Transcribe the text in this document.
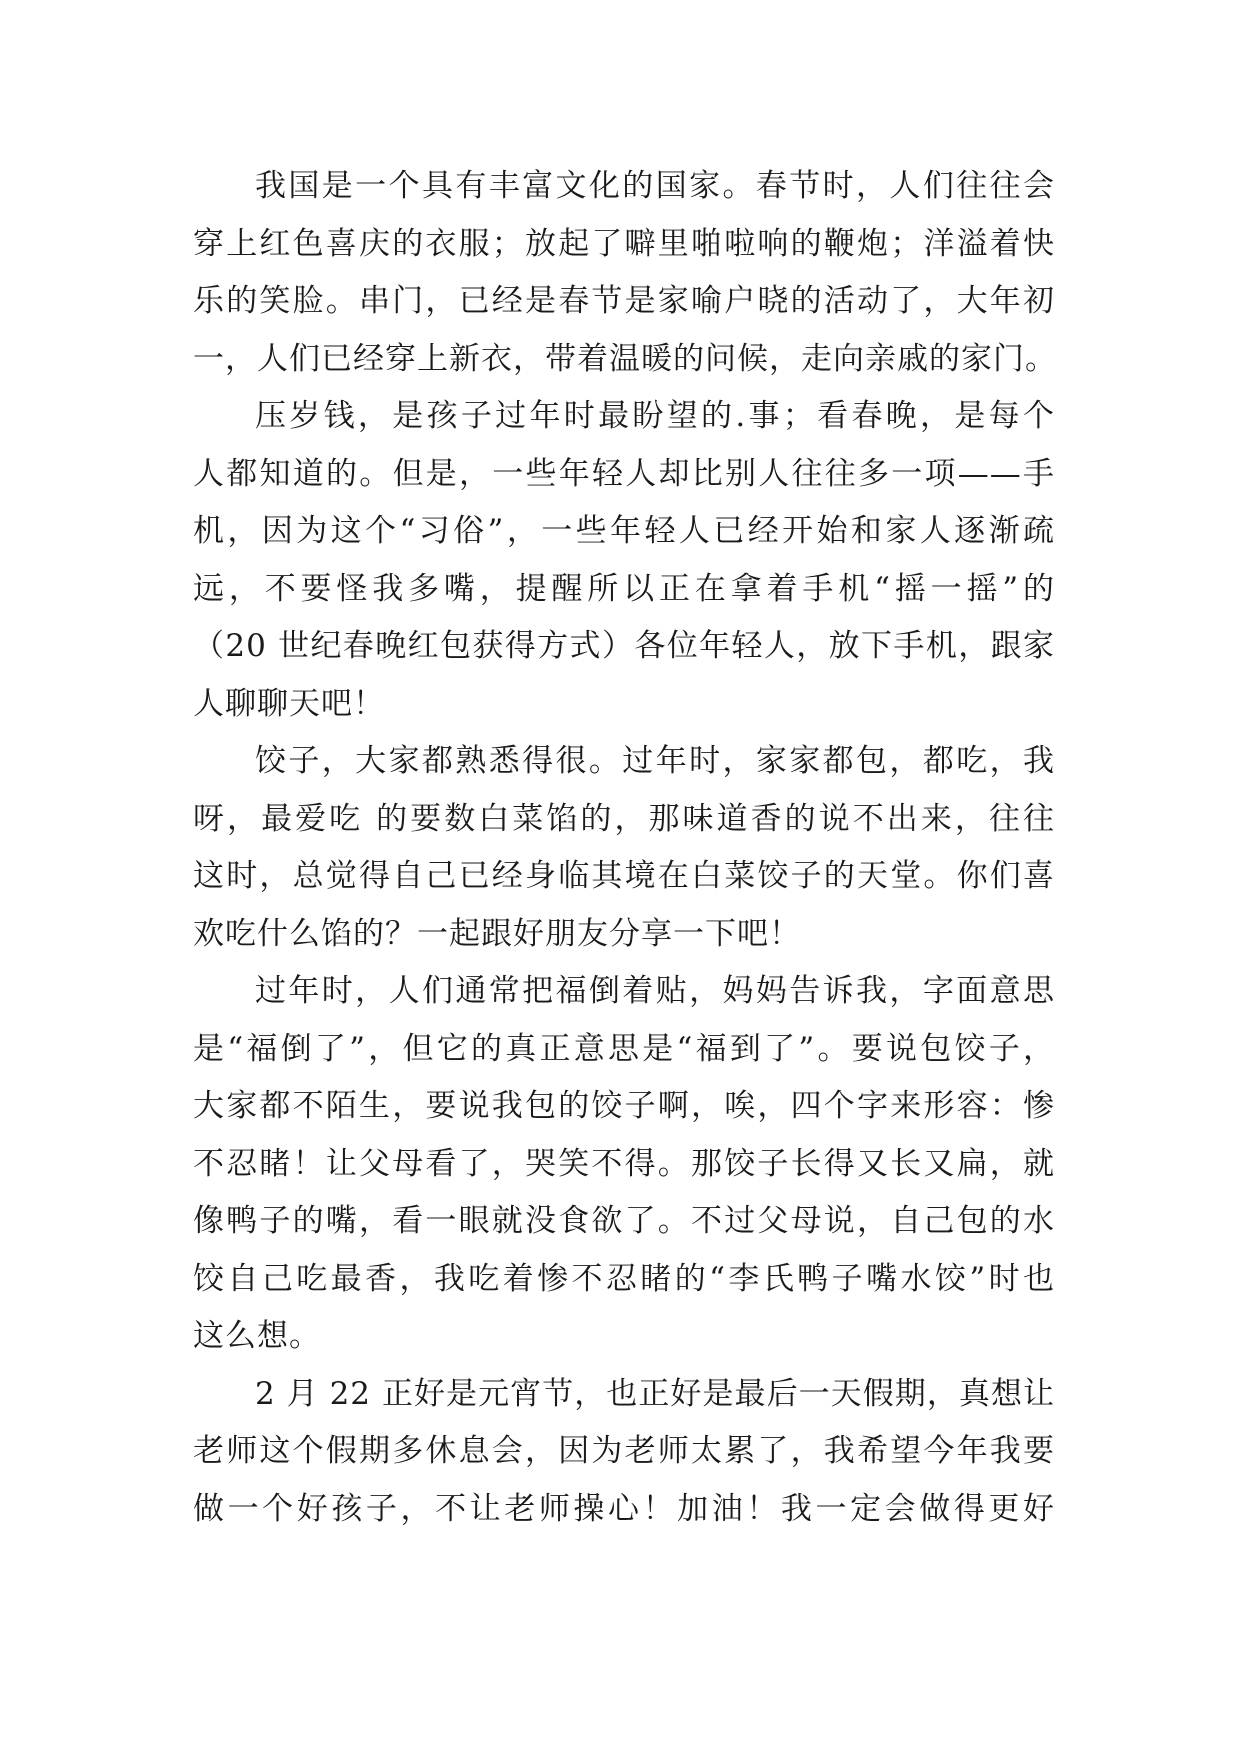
我国是一个具有丰富文化的国家。春节时，人们往往会
穿上红色喜庆的衣服；放起了噼里啪啦响的鞭炮；洋溢着快
乐的笑脸。串门，已经是春节是家喻户晓的活动了，大年初
一，人们已经穿上新衣，带着温暖的问候，走向亲戚的家门。
压岁钱，是孩子过年时最盼望的.事；看春晚，是每个
人都知道的。但是，一些年轻人却比别人往往多一项——手
机，因为这个“习俗”，一些年轻人已经开始和家人逐渐疏
远，不要怪我多嘴，提醒所以正在拿着手机“摇一摇”的
（20 世纪春晚红包获得方式）各位年轻人，放下手机，跟家
人聊聊天吧！
饺子，大家都熟悉得很。过年时，家家都包，都吃，我
呀，最爱吃 的要数白菜馅的，那味道香的说不出来，往往
这时，总觉得自己已经身临其境在白菜饺子的天堂。你们喜
欢吃什么馅的？一起跟好朋友分享一下吧！
过年时，人们通常把福倒着贴，妈妈告诉我，字面意思
是“福倒了”，但它的真正意思是“福到了”。要说包饺子，
大家都不陌生，要说我包的饺子啊，唉，四个字来形容：惨
不忍睹！让父母看了，哭笑不得。那饺子长得又长又扁，就
像鸭子的嘴，看一眼就没食欲了。不过父母说，自己包的水
饺自己吃最香，我吃着惨不忍睹的“李氏鸭子嘴水饺”时也
这么想。
2 月 22 正好是元宵节，也正好是最后一天假期，真想让
老师这个假期多休息会，因为老师太累了，我希望今年我要
做一个好孩子，不让老师操心！加油！我一定会做得更好
